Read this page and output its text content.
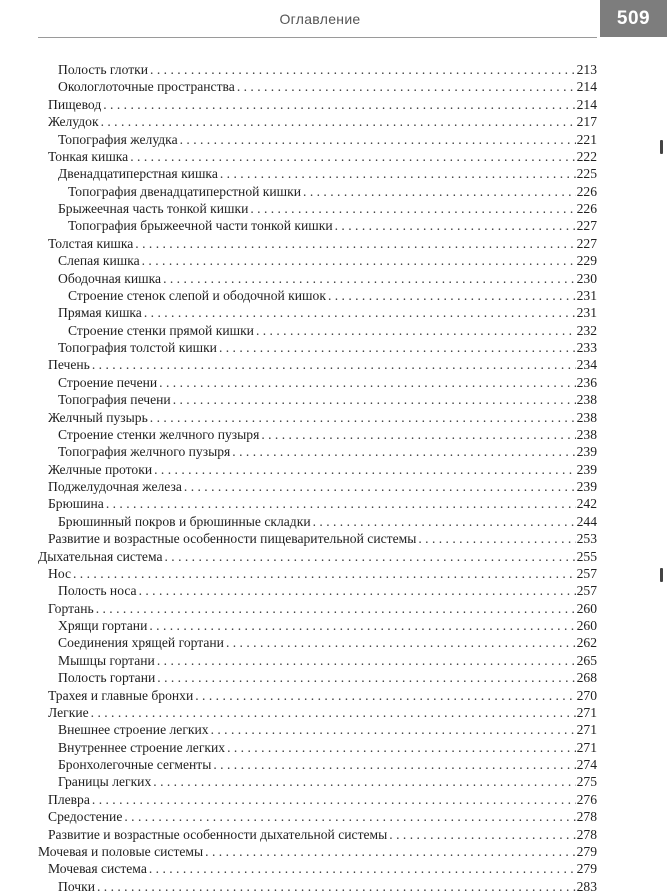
Оглавление	509
Полость глотки . . .	213
Окологлоточные пространства . . .	214
Пищевод . . .	214
Желудок . . .	217
Топография желудка . . .	221
Тонкая кишка . . .	222
Двенадцатиперстная кишка . . .	225
Топография двенадцатиперстной кишки . . .	226
Брыжеечная часть тонкой кишки . . .	226
Топография брыжеечной части тонкой кишки . . .	227
Толстая кишка . . .	227
Слепая кишка . . .	229
Ободочная кишка . . .	230
Строение стенок слепой и ободочной кишок . . .	231
Прямая кишка . . .	231
Строение стенки прямой кишки . . .	232
Топография толстой кишки . . .	233
Печень . . .	234
Строение печени . . .	236
Топография печени . . .	238
Желчный пузырь . . .	238
Строение стенки желчного пузыря . . .	238
Топография желчного пузыря . . .	239
Желчные протоки . . .	239
Поджелудочная железа . . .	239
Брюшина . . .	242
Брюшинный покров и брюшинные складки . . .	244
Развитие и возрастные особенности пищеварительной системы . . .	253
Дыхательная система . . .	255
Нос . . .	257
Полость носа . . .	257
Гортань . . .	260
Хрящи гортани . . .	260
Соединения хрящей гортани . . .	262
Мышцы гортани . . .	265
Полость гортани . . .	268
Трахея и главные бронхи . . .	270
Легкие . . .	271
Внешнее строение легких . . .	271
Внутреннее строение легких . . .	271
Бронхолегочные сегменты . . .	274
Границы легких . . .	275
Плевра . . .	276
Средостение . . .	278
Развитие и возрастные особенности дыхательной системы . . .	278
Мочевая и половые системы . . .	279
Мочевая система . . .	279
Почки . . .	283
